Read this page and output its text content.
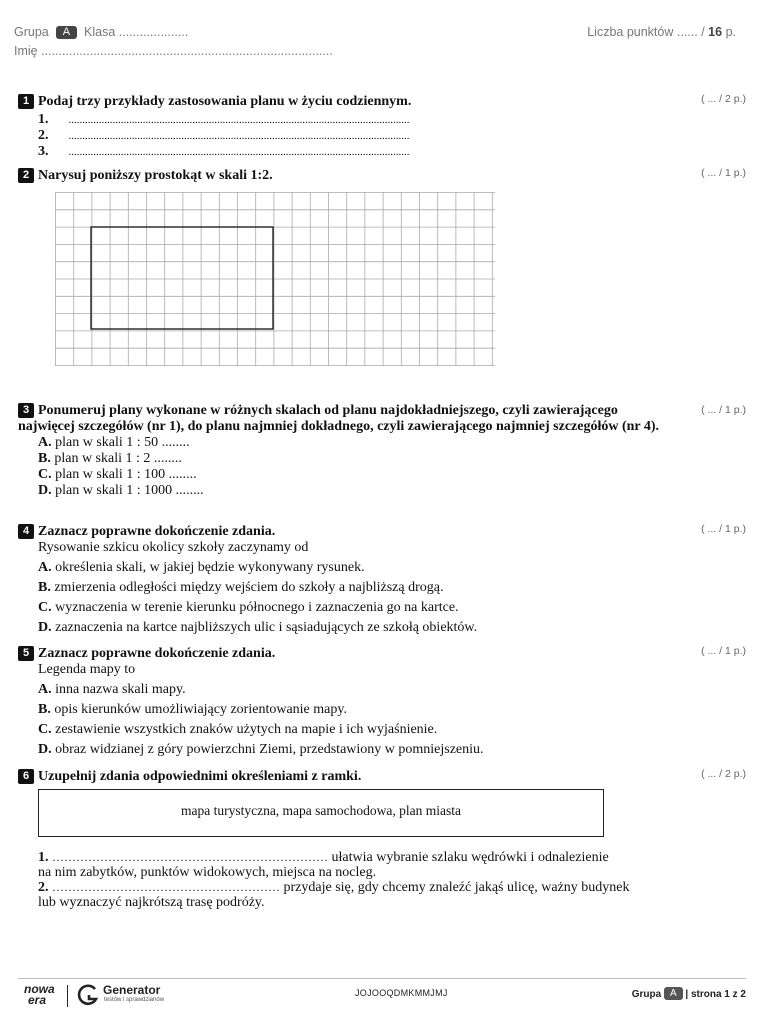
Grupa A Klasa ....................	Liczba punktów ...... / 16 p.
Imię ....................................................................................
1 Podaj trzy przykłady zastosowania planu w życiu codziennym.
1. ............................................................................................................................
2. ............................................................................................................................
3. ............................................................................................................................
( ... / 2 p.)
2 Narysuj poniższy prostokąt w skali 1:2.	( ... / 1 p.)
3 Ponumeruj plany wykonane w różnych skalach od planu najdokładniejszego, czyli zawierającego najwięcej szczegółów (nr 1), do planu najmniej dokładnego, czyli zawierającego najmniej szczegółów (nr 4).
A. plan w skali 1 : 50 ........
B. plan w skali 1 : 2 ........
C. plan w skali 1 : 100 ........
D. plan w skali 1 : 1000 ........
( ... / 1 p.)
4 Zaznacz poprawne dokończenie zdania.
Rysowanie szkicu okolicy szkoły zaczynamy od
A. określenia skali, w jakiej będzie wykonywany rysunek.
B. zmierzenia odległości między wejściem do szkoły a najbliższą drogą.
C. wyznaczenia w terenie kierunku północnego i zaznaczenia go na kartce.
D. zaznaczenia na kartce najbliższych ulic i sąsiadujących ze szkołą obiektów.
( ... / 1 p.)
5 Zaznacz poprawne dokończenie zdania.
Legenda mapy to
A. inna nazwa skali mapy.
B. opis kierunków umożliwiający zorientowanie mapy.
C. zestawienie wszystkich znaków użytych na mapie i ich wyjaśnienie.
D. obraz widzianej z góry powierzchni Ziemi, przedstawiony w pomniejszeniu.
( ... / 1 p.)
6 Uzupełnij zdania odpowiednimi określeniami z ramki.	( ... / 2 p.)
mapa turystyczna, mapa samochodowa, plan miasta
1. …………………………………………………………… ułatwia wybranie szlaku wędrówki i odnalezienie
na nim zabytków, punktów widokowych, miejsca na nocleg.
2. ………………………………………………… przydaje się, gdy chcemy znaleźć jakąś ulicę, ważny budynek
lub wyznaczyć najkrótszą trasę podróży.
nowa
era
Generator
testów i sprawdzianów
JOJOOQDMKMMJMJ	Grupa A | strona 1 z 2
